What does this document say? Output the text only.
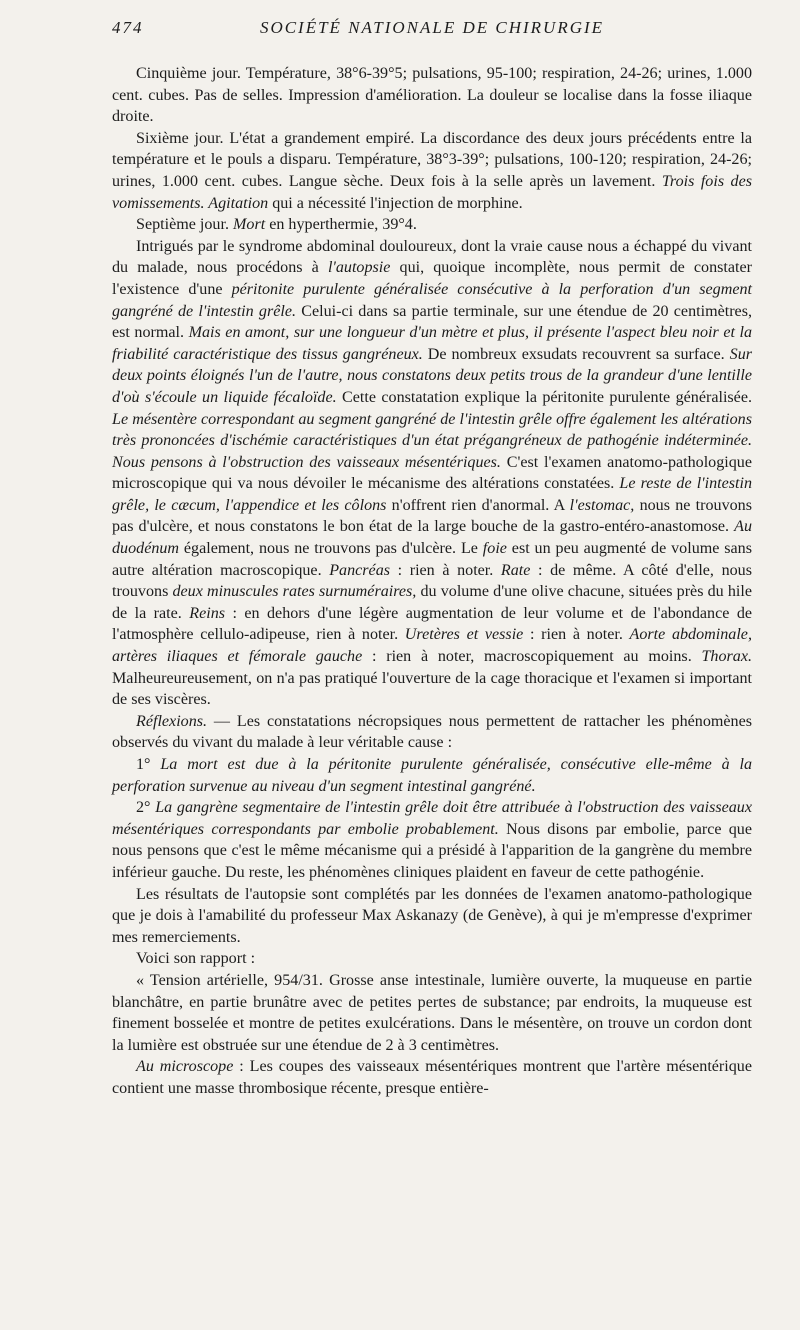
474	SOCIÉTÉ NATIONALE DE CHIRURGIE

Cinquième jour. Température, 38°6-39°5; pulsations, 95-100; respiration, 24-26; urines, 1.000 cent. cubes. Pas de selles. Impression d'amélioration. La douleur se localise dans la fosse iliaque droite.

Sixième jour. L'état a grandement empiré. La discordance des deux jours précédents entre la température et le pouls a disparu. Température, 38°3-39°; pulsations, 100-120; respiration, 24-26; urines, 1.000 cent. cubes. Langue sèche. Deux fois à la selle après un lavement. Trois fois des vomissements. Agitation qui a nécessité l'injection de morphine.

Septième jour. Mort en hyperthermie, 39°4.

Intrigués par le syndrome abdominal douloureux, dont la vraie cause nous a échappé du vivant du malade, nous procédons à l'autopsie qui, quoique incomplète, nous permit de constater l'existence d'une péritonite purulente généralisée consécutive à la perforation d'un segment gangréné de l'intestin grêle. Celui-ci dans sa partie terminale, sur une étendue de 20 centimètres, est normal. Mais en amont, sur une longueur d'un mètre et plus, il présente l'aspect bleu noir et la friabilité caractéristique des tissus gangréneux. De nombreux exsudats recouvrent sa surface. Sur deux points éloignés l'un de l'autre, nous constatons deux petits trous de la grandeur d'une lentille d'où s'écoule un liquide fécaloïde. Cette constatation explique la péritonite purulente généralisée. Le mésentère correspondant au segment gangréné de l'intestin grêle offre également les altérations très prononcées d'ischémie caractéristiques d'un état prégangréneux de pathogénie indéterminée. Nous pensons à l'obstruction des vaisseaux mésentériques. C'est l'examen anatomo-pathologique microscopique qui va nous dévoiler le mécanisme des altérations constatées. Le reste de l'intestin grêle, le cæcum, l'appendice et les côlons n'offrent rien d'anormal. A l'estomac, nous ne trouvons pas d'ulcère, et nous constatons le bon état de la large bouche de la gastro-entéro-anastomose. Au duodénum également, nous ne trouvons pas d'ulcère. Le foie est un peu augmenté de volume sans autre altération macroscopique. Pancréas : rien à noter. Rate : de même. A côté d'elle, nous trouvons deux minuscules rates surnuméraires, du volume d'une olive chacune, situées près du hile de la rate. Reins : en dehors d'une légère augmentation de leur volume et de l'abondance de l'atmosphère cellulo-adipeuse, rien à noter. Uretères et vessie : rien à noter. Aorte abdominale, artères iliaques et fémorale gauche : rien à noter, macroscopiquement au moins. Thorax. Malheureureusement, on n'a pas pratiqué l'ouverture de la cage thoracique et l'examen si important de ses viscères.

Réflexions. — Les constatations nécropsiques nous permettent de rattacher les phénomènes observés du vivant du malade à leur véritable cause :

1° La mort est due à la péritonite purulente généralisée, consécutive elle-même à la perforation survenue au niveau d'un segment intestinal gangréné.

2° La gangrène segmentaire de l'intestin grêle doit être attribuée à l'obstruction des vaisseaux mésentériques correspondants par embolie probablement. Nous disons par embolie, parce que nous pensons que c'est le même mécanisme qui a présidé à l'apparition de la gangrène du membre inférieur gauche. Du reste, les phénomènes cliniques plaident en faveur de cette pathogénie.

Les résultats de l'autopsie sont complétés par les données de l'examen anatomo-pathologique que je dois à l'amabilité du professeur Max Askanazy (de Genève), à qui je m'empresse d'exprimer mes remerciements.

Voici son rapport :

« Tension artérielle, 954/31. Grosse anse intestinale, lumière ouverte, la muqueuse en partie blanchâtre, en partie brunâtre avec de petites pertes de substance; par endroits, la muqueuse est finement bosselée et montre de petites exulcérations. Dans le mésentère, on trouve un cordon dont la lumière est obstruée sur une étendue de 2 à 3 centimètres.

Au microscope : Les coupes des vaisseaux mésentériques montrent que l'artère mésentérique contient une masse thrombosique récente, presque entière-
